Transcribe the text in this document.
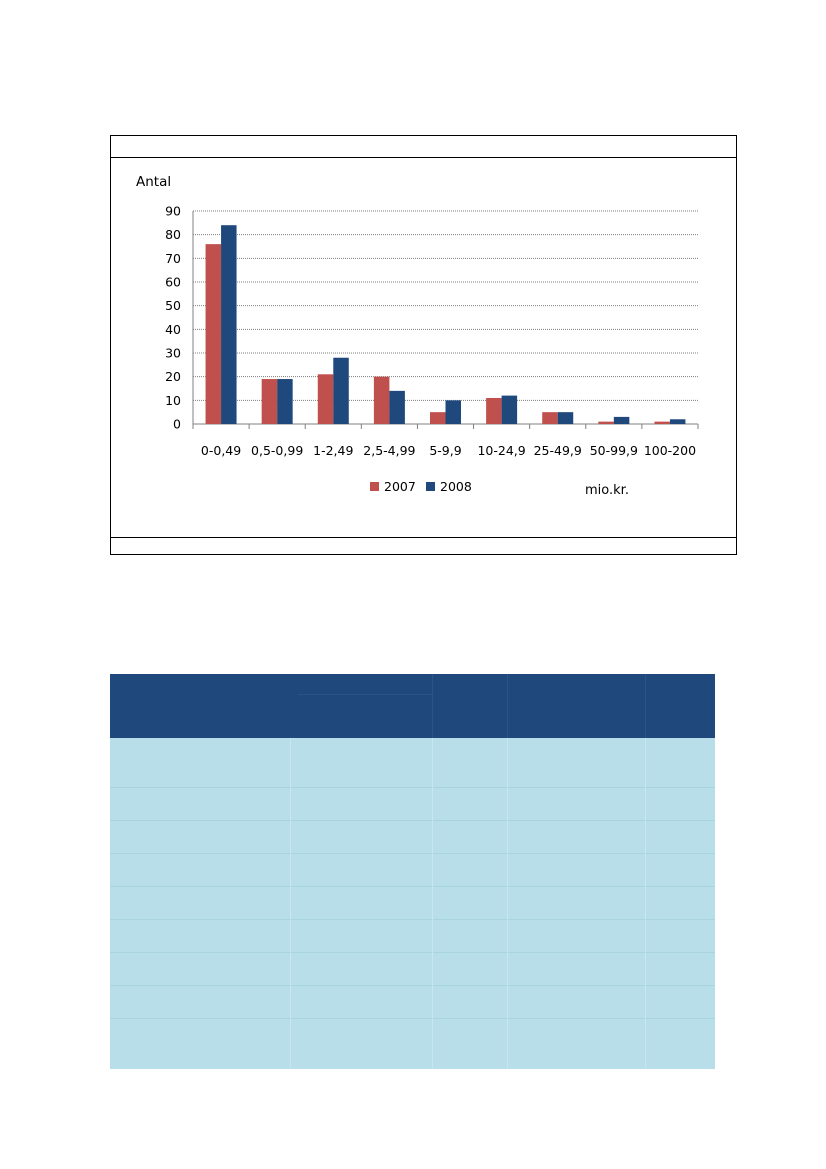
0
10
20
30
40
50
60
70
80
90
Antal
0-0,49 0,5-0,99 1-2,49 2,5-4,99 5-9,9 10-24,9 25-49,9 50-99,9 100-200
2007 2008	mio.kr.
